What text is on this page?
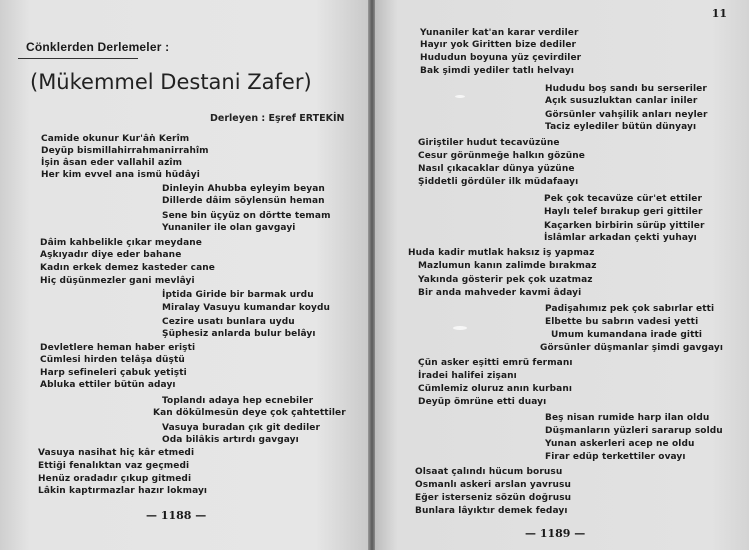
Cönklerden Derlemeler :
(Mükemmel Destani Zafer)
Derleyen : Eşref ERTEKİN
Camide okunur Kur'âṅ Kerîm
Deyüp bismillahirrahmanirrahîm
İşin âsan eder vallahil azîm
Her kim evvel ana ismü hüdâyi
Dinleyin Ahubba eyleyim beyan
Dillerde dâim söylensün heman
Sene bin üçyüz on dörtte temam
Yunaniler ile olan gavgayi
Dâim kahbelikle çıkar meydane
Aşkıyadır diye eder bahane
Kadın erkek demez kasteder cane
Hiç düşünmezler gani mevlâyi
İptida Giride bir barmak urdu
Miralay Vasuyu kumandar koydu
Cezire usatı bunlara uydu
Şüphesiz anlarda bulur belâyı
Devletlere heman haber erişti
Cümlesi hirden telâşa düştü
Harp sefineleri çabuk yetişti
Abluka ettiler bütün adayı
Toplandı adaya hep ecnebiler
Kan dökülmesün deye çok çahtettiler
Vasuya buradan çık git dediler
Oda bilâkis artırdı gavgayı
Vasuya nasihat hiç kâr etmedi
Ettiği fenalıktan vaz geçmedi
Henüz oradadır çıkup gitmedi
Lâkin kaptırmazlar hazır lokmayı
— 1188 —
11
Yunaniler kat'an karar verdiler
Hayır yok Giritten bize dediler
Hududun boyuna yüz çevirdiler
Bak şimdi yediler tatlı helvayı
Hududu boş sandı bu serseriler
Açık susuzluktan canlar iniler
Görsünler vahşilik anları neyler
Taciz eylediler bütün dünyayı
Giriştiler hudut tecavüzüne
Cesur görünmeğe halkın gözüne
Nasıl çıkacaklar dünya yüzüne
Şiddetli gördüler ilk müdafaayı
Pek çok tecavüze cür'et ettiler
Haylı telef bırakup geri gittiler
Kaçarken birbirin sürüp yittiler
İslâmlar arkadan çekti yuhayı
Huda kadir mutlak haksız iş yapmaz
Mazlumun kanın zalimde bırakmaz
Yakında gösterir pek çok uzatmaz
Bir anda mahveder kavmi âdayi
Padişahımız pek çok sabırlar etti
Elbette bu sabrın vadesi yetti
Umum kumandana irade gitti
Görsünler düşmanlar şimdi gavgayı
Çün asker eşitti emrü fermanı
İradei halifei zişanı
Cümlemiz oluruz anın kurbanı
Deyüp ömrüne etti duayı
Beş nisan rumide harp ilan oldu
Düşmanların yüzleri sararup soldu
Yunan askerleri acep ne oldu
Firar edüp terkettiler ovayı
Olsaat çalındı hücum borusu
Osmanlı askeri arslan yavrusu
Eğer isterseniz sözün doğrusu
Bunlara lâyıktır demek fedayı
— 1189 —
